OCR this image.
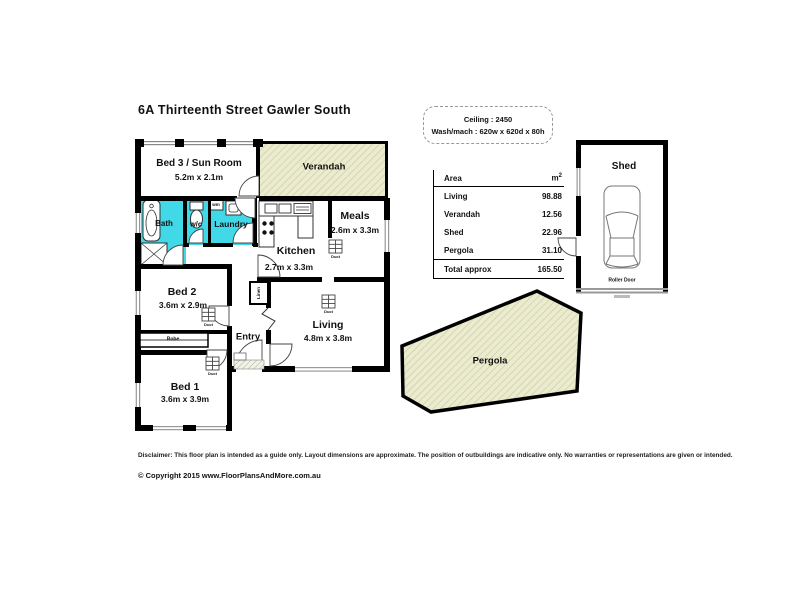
6A Thirteenth Street Gawler South
Ceiling : 2450
Wash/mach : 620w x 620d x 80h
Area	$m^2$
Living	98.88
Verandah	12.56
Shed	22.96
Pergola	31.10
Total approx	165.50
Bed 3 / Sun Room
5.2m x 2.1m
Verandah
Bath w/c Laundry
wm
Kitchen
2.7m x 3.3m
Meals
2.6m x 3.3m
Bed 2
3.6m x 2.9m
Robe
Linen
Entry
Living
4.8m x 3.8m
Bed 1
3.6m x 3.9m
Pergola
Shed
Roller Door
Duct
Duct
Duct
Duct
Disclaimer: This floor plan is intended as a guide only. Layout dimensions are approximate. The position of outbuildings are indicative only. No warranties or representations are given or intended.
© Copyright 2015 www.FloorPlansAndMore.com.au
